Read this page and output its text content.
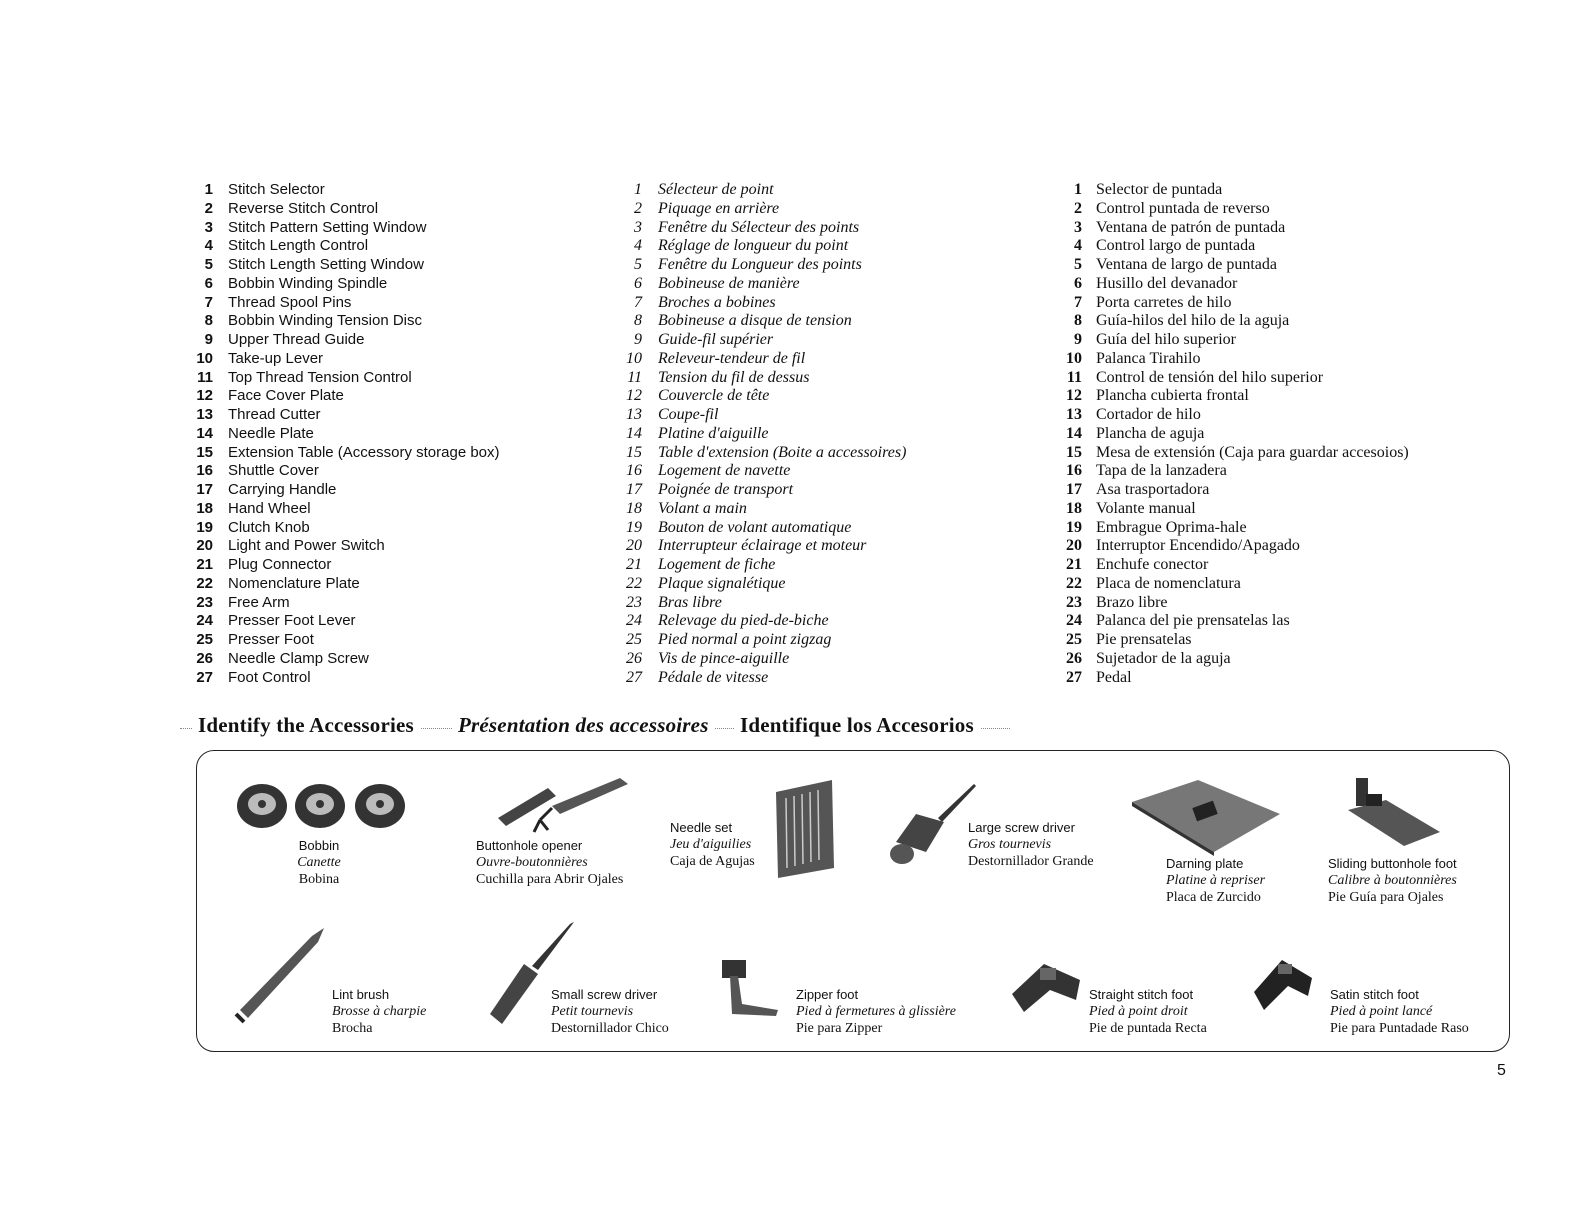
1 Stitch Selector
2 Reverse Stitch Control
3 Stitch Pattern Setting Window
4 Stitch Length Control
5 Stitch Length Setting Window
6 Bobbin Winding Spindle
7 Thread Spool Pins
8 Bobbin Winding Tension Disc
9 Upper Thread Guide
10 Take-up Lever
11 Top Thread Tension Control
12 Face Cover Plate
13 Thread Cutter
14 Needle Plate
15 Extension Table (Accessory storage box)
16 Shuttle Cover
17 Carrying Handle
18 Hand Wheel
19 Clutch Knob
20 Light and Power Switch
21 Plug Connector
22 Nomenclature Plate
23 Free Arm
24 Presser Foot Lever
25 Presser Foot
26 Needle Clamp Screw
27 Foot Control
1 Sélecteur de point
2 Piquage en arrière
3 Fenêtre du Sélecteur des points
4 Réglage de longueur du point
5 Fenêtre du Longueur des points
6 Bobineuse de manière
7 Broches a bobines
8 Bobineuse a disque de tension
9 Guide-fil supérier
10 Releveur-tendeur de fil
11 Tension du fil de dessus
12 Couvercle de tête
13 Coupe-fil
14 Platine d'aiguille
15 Table d'extension (Boite a accessoires)
16 Logement de navette
17 Poignée de transport
18 Volant a main
19 Bouton de volant automatique
20 Interrupteur éclairage et moteur
21 Logement de fiche
22 Plaque signalétique
23 Bras libre
24 Relevage du pied-de-biche
25 Pied normal a point zigzag
26 Vis de pince-aiguille
27 Pédale de vitesse
1 Selector de puntada
2 Control puntada de reverso
3 Ventana de patrón de puntada
4 Control largo de puntada
5 Ventana de largo de puntada
6 Husillo del devanador
7 Porta carretes de hilo
8 Guía-hilos del hilo de la aguja
9 Guía del hilo superior
10 Palanca Tirahilo
11 Control de tensión del hilo superior
12 Plancha cubierta frontal
13 Cortador de hilo
14 Plancha de aguja
15 Mesa de extensión (Caja para guardar accesoios)
16 Tapa de la lanzadera
17 Asa trasportadora
18 Volante manual
19 Embrague Oprima-hale
20 Interruptor Encendido/Apagado
21 Enchufe conector
22 Placa de nomenclatura
23 Brazo libre
24 Palanca del pie prensatelas las
25 Pie prensatelas
26 Sujetador de la aguja
27 Pedal
Identify the Accessories Présentation des accessoires Identifique los Accesorios
Bobbin
Canette
Bobina
Buttonhole opener
Ouvre-boutonnières
Cuchilla para Abrir Ojales
Needle set
Jeu d'aiguilies
Caja de Agujas
Large screw driver
Gros tournevis
Destornillador Grande	Darning plate
Platine à repriser
Placa de Zurcido
Sliding buttonhole foot
Calibre à boutonnières
Pie Guía para Ojales
Lint brush
Brosse à charpie
Brocha
Small screw driver
Petit tournevis
Destornillador Chico
Zipper foot
Pied à fermetures à glissière
Pie para Zipper
Straight stitch foot
Pied à point droit
Pie de puntada Recta
Satin stitch foot
Pied à point lancé
Pie para Puntadade Raso
5
